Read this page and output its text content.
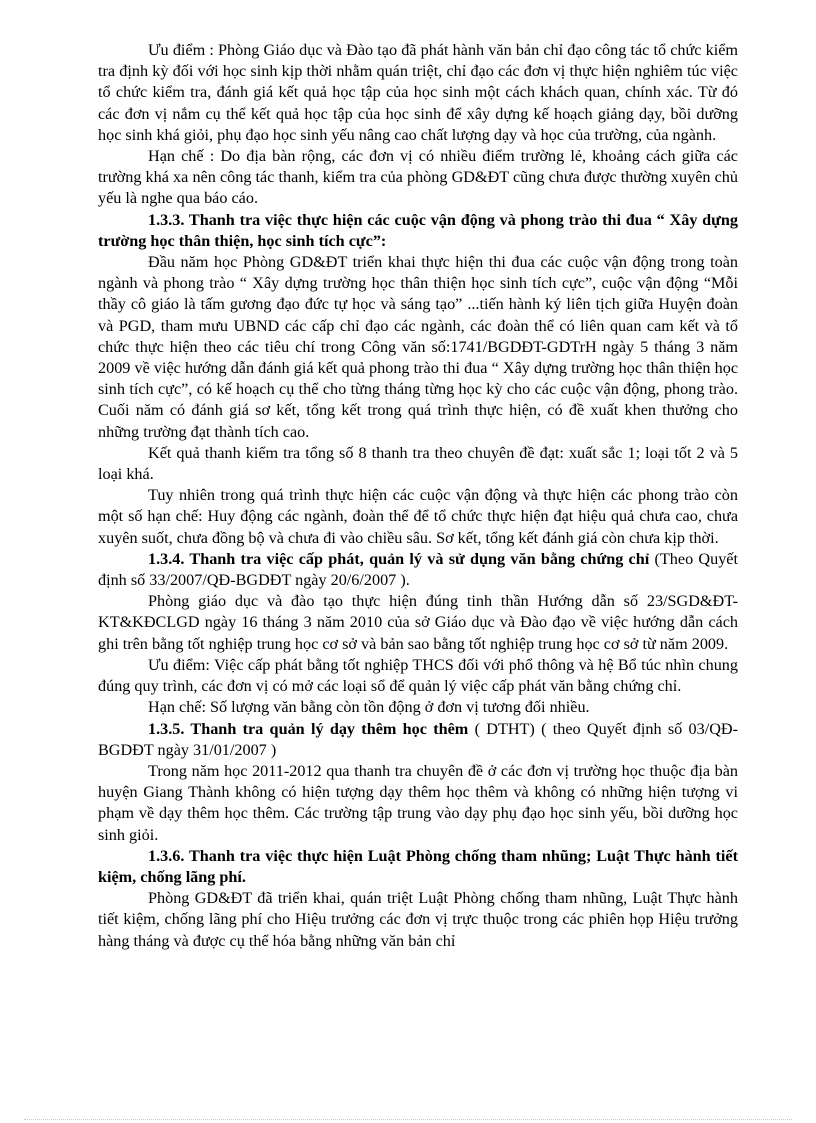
Ưu điểm : Phòng Giáo dục và Đào tạo đã phát hành văn bản chỉ đạo công tác tổ chức kiểm tra định kỳ đối với học sinh kịp thời nhằm quán triệt, chỉ đạo các đơn vị thực hiện nghiêm túc việc tổ chức kiểm tra, đánh giá kết quả học tập của học sinh một cách khách quan, chính xác. Từ đó các đơn vị nắm cụ thể kết quả học tập của học sinh để xây dựng kế hoạch giảng dạy, bồi dưỡng học sinh khá giỏi, phụ đạo học sinh yếu nâng cao chất lượng dạy và học của trường, của ngành.

Hạn chế : Do địa bàn rộng, các đơn vị có nhiều điểm trường lẻ, khoảng cách giữa các trường khá xa nên công tác thanh, kiểm tra của phòng GD&ĐT cũng chưa được thường xuyên chủ yếu là nghe qua báo cáo.

1.3.3. Thanh tra việc thực hiện các cuộc vận động và phong trào thi đua “ Xây dựng trường học thân thiện, học sinh tích cực”:

Đầu năm học Phòng GD&ĐT triển khai thực hiện thi đua các cuộc vận động trong toàn ngành và phong trào “ Xây dựng trường học thân thiện học sinh tích cực”, cuộc vận động “Mỗi thầy cô giáo là tấm gương đạo đức tự học và sáng tạo” ...tiến hành ký liên tịch giữa Huyện đoàn và PGD, tham mưu UBND các cấp chỉ đạo các ngành, các đoàn thể có liên quan cam kết và tổ chức thực hiện theo các tiêu chí trong Công văn số:1741/BGDĐT-GDTrH ngày 5 tháng 3 năm 2009 về việc hướng dẫn đánh giá kết quả phong trào thi đua “ Xây dựng trường học thân thiện học sinh tích cực”, có kế hoạch cụ thể cho từng tháng từng học kỳ cho các cuộc vận động, phong trào. Cuối năm có đánh giá sơ kết, tổng kết trong quá trình thực hiện, có đề xuất khen thưởng cho những trường đạt thành tích cao.

Kết quả thanh kiểm tra tổng số 8 thanh tra theo chuyên đề đạt: xuất sắc 1; loại tốt 2 và 5 loại khá.

Tuy nhiên trong quá trình thực hiện các cuộc vận động và thực hiện các phong trào còn một số hạn chế: Huy động các ngành, đoàn thể để tổ chức thực hiện đạt hiệu quả chưa cao, chưa xuyên suốt, chưa đồng bộ và chưa đi vào chiều sâu. Sơ kết, tổng kết đánh giá còn chưa kịp thời.

1.3.4. Thanh tra việc cấp phát, quản lý và sử dụng văn bằng chứng chỉ (Theo Quyết định số 33/2007/QĐ-BGDĐT ngày 20/6/2007 ).

Phòng giáo dục và đào tạo thực hiện đúng tinh thần Hướng dẫn số 23/SGD&ĐT-KT&KĐCLGD ngày 16 tháng 3 năm 2010 của sở Giáo dục và Đào đạo về việc hướng dẫn cách ghi trên bằng tốt nghiệp trung học cơ sở và bản sao bằng tốt nghiệp trung học cơ sở từ năm 2009.

Ưu điểm: Việc cấp phát bằng tốt nghiệp THCS đối với phổ thông và hệ Bổ túc nhìn chung đúng quy trình, các đơn vị có mở các loại sổ để quản lý việc cấp phát văn bằng chứng chỉ.

Hạn chế: Số lượng văn bằng còn tồn động ở đơn vị tương đối nhiều.

1.3.5. Thanh tra quản lý dạy thêm học thêm ( DTHT) ( theo Quyết định số 03/QĐ-BGDĐT ngày 31/01/2007 )

Trong năm học 2011-2012 qua thanh tra chuyên đề ở các đơn vị trường học thuộc địa bàn huyện Giang Thành không có hiện tượng dạy thêm học thêm và không có những hiện tượng vi phạm về dạy thêm học thêm. Các trường tập trung vào dạy phụ đạo học sinh yếu, bồi dưỡng học sinh giỏi.

1.3.6. Thanh tra việc thực hiện Luật Phòng chống tham nhũng; Luật Thực hành tiết kiệm, chống lãng phí.

Phòng GD&ĐT đã triển khai, quán triệt Luật Phòng chống tham nhũng, Luật Thực hành tiết kiệm, chống lãng phí cho Hiệu trưởng các đơn vị trực thuộc trong các phiên họp Hiệu trưởng hàng tháng và được cụ thể hóa bằng những văn bản chỉ
